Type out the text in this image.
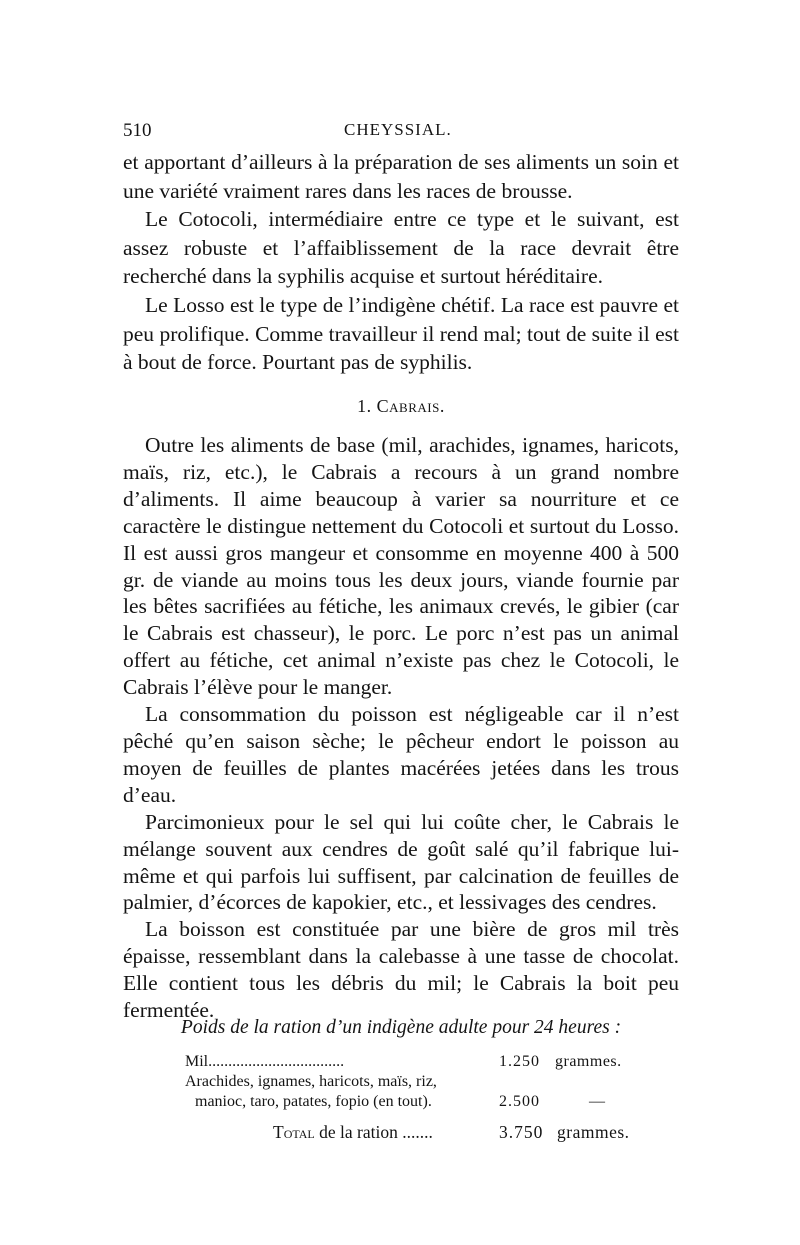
510	CHEYSSIAL.

et apportant d’ailleurs à la préparation de ses aliments un soin et une variété vraiment rares dans les races de brousse.

Le Cotocoli, intermédiaire entre ce type et le suivant, est assez robuste et l’affaiblissement de la race devrait être recherché dans la syphilis acquise et surtout héréditaire.

Le Losso est le type de l’indigène chétif. La race est pauvre et peu prolifique. Comme travailleur il rend mal; tout de suite il est à bout de force. Pourtant pas de syphilis.

1. Cabrais.

Outre les aliments de base (mil, arachides, ignames, haricots, maïs, riz, etc.), le Cabrais a recours à un grand nombre d’aliments. Il aime beaucoup à varier sa nourriture et ce caractère le distingue nettement du Cotocoli et surtout du Losso. Il est aussi gros mangeur et consomme en moyenne 400 à 500 gr. de viande au moins tous les deux jours, viande fournie par les bêtes sacrifiées au fétiche, les animaux crevés, le gibier (car le Cabrais est chasseur), le porc. Le porc n’est pas un animal offert au fétiche, cet animal n’existe pas chez le Cotocoli, le Cabrais l’élève pour le manger.

La consommation du poisson est négligeable car il n’est pêché qu’en saison sèche; le pêcheur endort le poisson au moyen de feuilles de plantes macérées jetées dans les trous d’eau.

Parcimonieux pour le sel qui lui coûte cher, le Cabrais le mélange souvent aux cendres de goût salé qu’il fabrique lui-même et qui parfois lui suffisent, par calcination de feuilles de palmier, d’écorces de kapokier, etc., et lessivages des cendres.

La boisson est constituée par une bière de gros mil très épaisse, ressemblant dans la calebasse à une tasse de chocolat. Elle contient tous les débris du mil; le Cabrais la boit peu fermentée.

Poids de la ration d’un indigène adulte pour 24 heures :
Mil..................................	1.250 grammes.
Arachides, ignames, haricots, maïs, riz,
manioc, taro, patates, fopio (en tout).	2.500	—
Total de la ration .......	3.750 grammes.
